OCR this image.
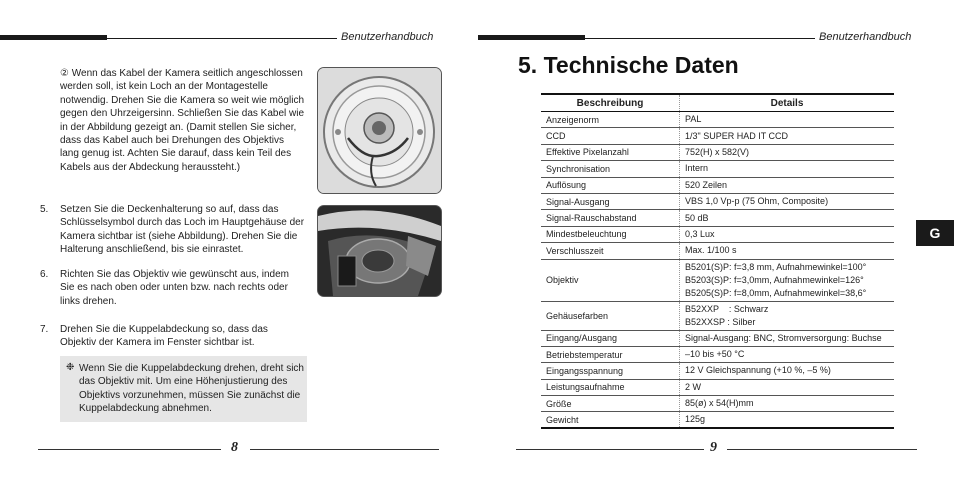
Benutzerhandbuch
② Wenn das Kabel der Kamera seitlich angeschlossen werden soll, ist kein Loch an der Montagestelle notwendig. Drehen Sie die Kamera so weit wie möglich gegen den Uhrzeigersinn. Schließen Sie das Kabel wie in der Abbildung gezeigt an. (Damit stellen Sie sicher, dass das Kabel auch bei Drehungen des Objektivs lang genug ist. Achten Sie darauf, dass kein Teil des Kabels aus der Abdeckung heraussteht.)
5. Setzen Sie die Deckenhalterung so auf, dass das Schlüsselsymbol durch das Loch im Hauptgehäuse der Kamera sichtbar ist (siehe Abbildung). Drehen Sie die Halterung anschließend, bis sie einrastet.
6. Richten Sie das Objektiv wie gewünscht aus, indem Sie es nach oben oder unten bzw. nach rechts oder links drehen.
7. Drehen Sie die Kuppelabdeckung so, dass das Objektiv der Kamera im Fenster sichtbar ist.
❉ Wenn Sie die Kuppelabdeckung drehen, dreht sich das Objektiv mit. Um eine Höhenjustierung des Objektivs vorzunehmen, müssen Sie zunächst die Kuppelabdeckung abnehmen.
8
Benutzerhandbuch
5. Technische Daten
Beschreibung	Details
Anzeigenorm	PAL

CCD	1/3" SUPER HAD IT CCD

Effektive Pixelanzahl	752(H) x 582(V)

Synchronisation	Intern

Auflösung	520 Zeilen

Signal-Ausgang	VBS 1,0 Vp-p (75 Ohm, Composite)

Signal-Rauschabstand	50 dB

Mindestbeleuchtung	0,3 Lux

Verschlusszeit	Max. 1/100 s

Objektiv	B5201(S)P: f=3,8 mm, Aufnahmewinkel=100°
B5203(S)P: f=3,0mm, Aufnahmewinkel=126°
B5205(S)P: f=8,0mm, Aufnahmewinkel=38,6°

Gehäusefarben	B52XXP    : Schwarz
B52XXSP : Silber

Eingang/Ausgang	Signal-Ausgang: BNC, Stromversorgung: Buchse

Betriebstemperatur	–10 bis +50 °C

Eingangsspannung	12 V Gleichspannung (+10 %, –5 %)

Leistungsaufnahme	2 W

Größe	85(ø) x 54(H)mm

Gewicht	125g
G
9
